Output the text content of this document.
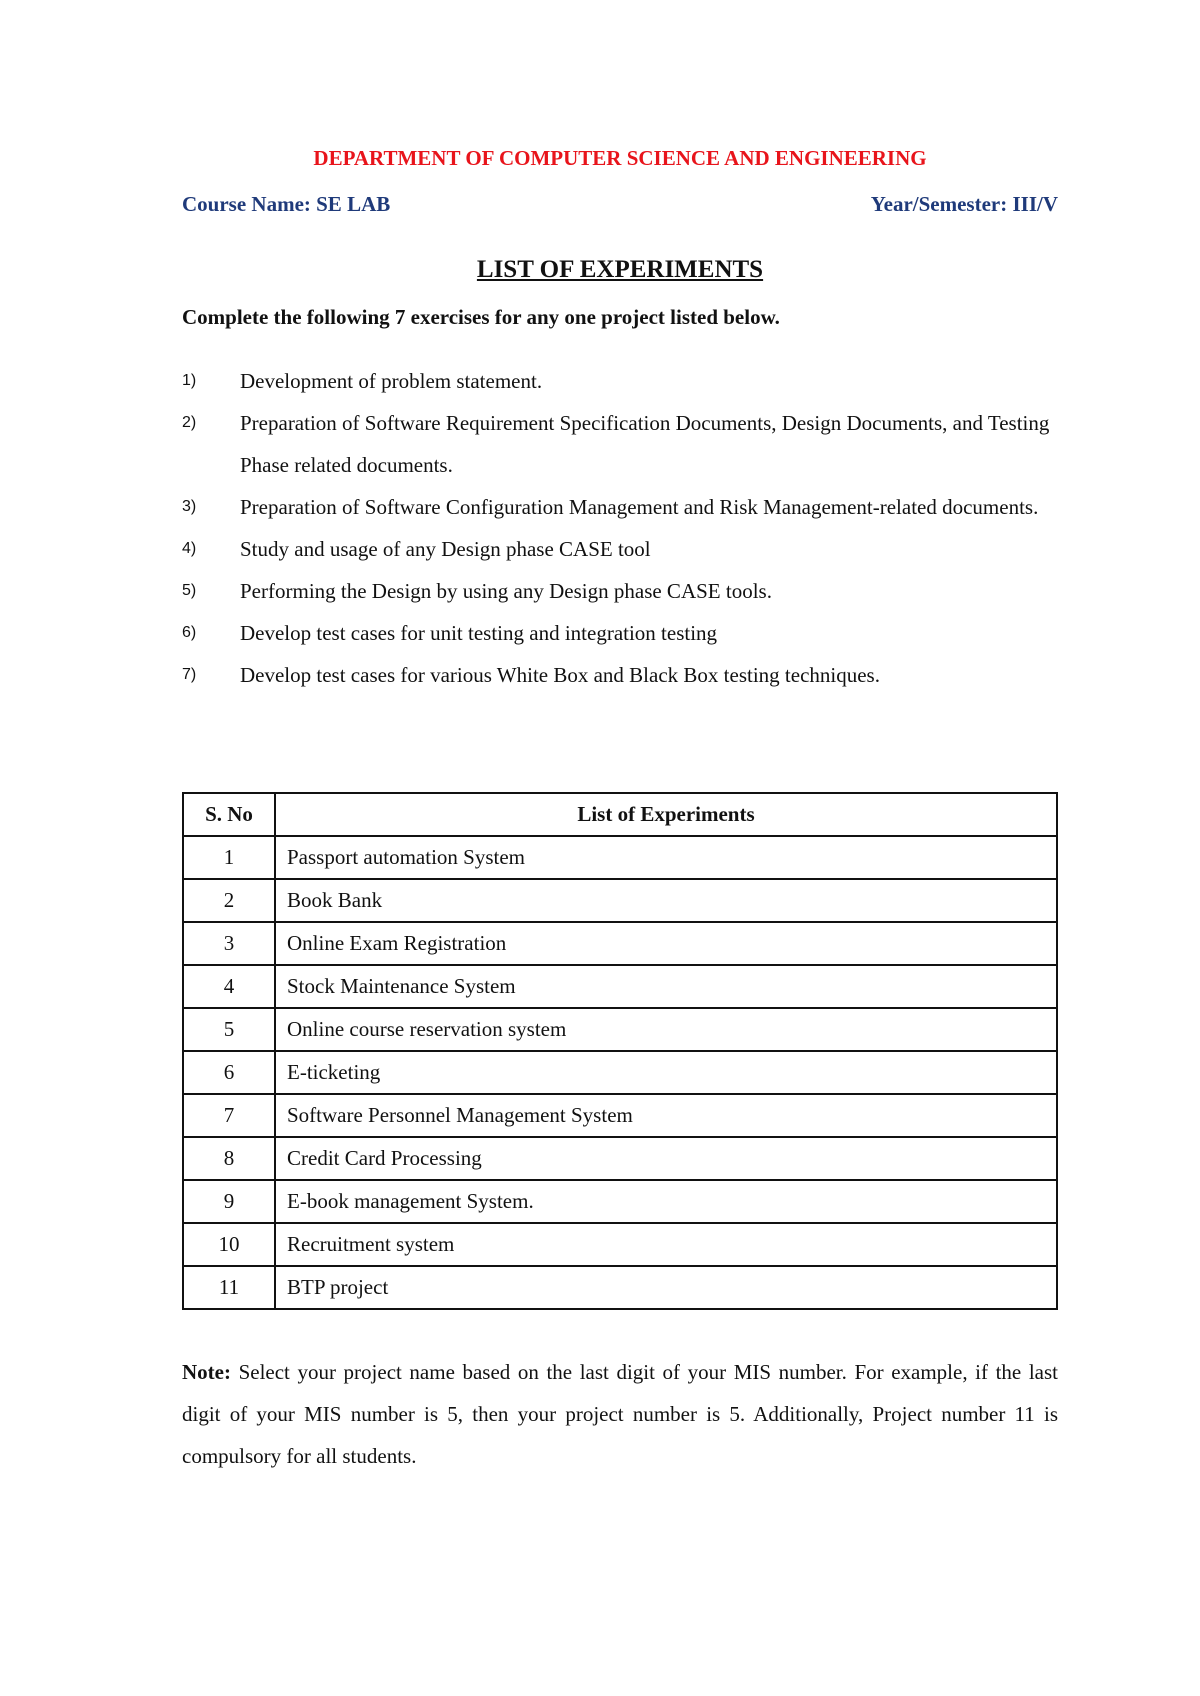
DEPARTMENT OF COMPUTER SCIENCE AND ENGINEERING
Course Name: SE LAB	Year/Semester: III/V
LIST OF EXPERIMENTS
Complete the following 7 exercises for any one project listed below.
1) Development of problem statement.
2) Preparation of Software Requirement Specification Documents, Design Documents, and Testing Phase related documents.
3) Preparation of Software Configuration Management and Risk Management-related documents.
4) Study and usage of any Design phase CASE tool
5) Performing the Design by using any Design phase CASE tools.
6) Develop test cases for unit testing and integration testing
7) Develop test cases for various White Box and Black Box testing techniques.
S. No	List of Experiments
1	Passport automation System
2	Book Bank
3	Online Exam Registration
4	Stock Maintenance System
5	Online course reservation system
6	E-ticketing
7	Software Personnel Management System
8	Credit Card Processing
9	E-book management System.
10	Recruitment system
11	BTP project
Note: Select your project name based on the last digit of your MIS number. For example, if the last digit of your MIS number is 5, then your project number is 5. Additionally, Project number 11 is compulsory for all students.
